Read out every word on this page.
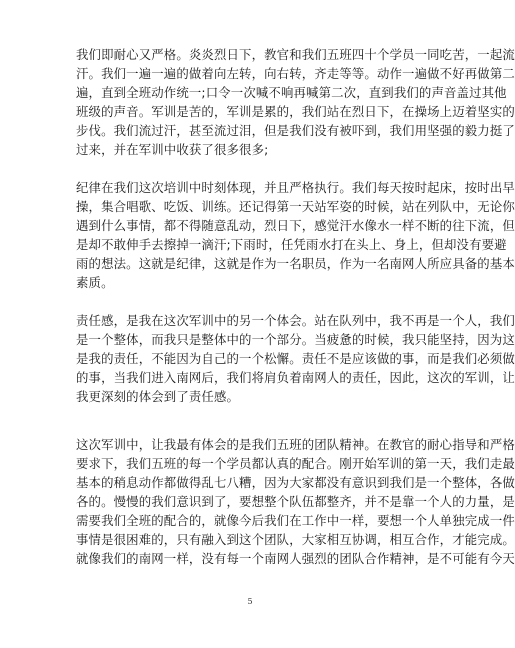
我们即耐心又严格。炎炎烈日下，教官和我们五班四十个学员一同吃苦，一起流
汗。我们一遍一遍的做着向左转，向右转，齐走等等。动作一遍做不好再做第二
遍，直到全班动作统一;口令一次喊不响再喊第二次，直到我们的声音盖过其他
班级的声音。军训是苦的，军训是累的，我们站在烈日下，在操场上迈着坚实的
步伐。我们流过汗，甚至流过泪，但是我们没有被吓到，我们用坚强的毅力挺了
过来，并在军训中收获了很多很多;
纪律在我们这次培训中时刻体现，并且严格执行。我们每天按时起床，按时出早
操，集合唱歌、吃饭、训练。还记得第一天站军姿的时候，站在列队中，无论你
遇到什么事情，都不得随意乱动，烈日下，感觉汗水像水一样不断的往下流，但
是却不敢伸手去擦掉一滴汗;下雨时，任凭雨水打在头上、身上，但却没有要避
雨的想法。这就是纪律，这就是作为一名职员，作为一名南网人所应具备的基本
素质。
责任感，是我在这次军训中的另一个体会。站在队列中，我不再是一个人，我们
是一个整体，而我只是整体中的一个部分。当疲惫的时候，我只能坚持，因为这
是我的责任，不能因为自己的一个松懈。责任不是应该做的事，而是我们必须做
的事，当我们进入南网后，我们将肩负着南网人的责任，因此，这次的军训，让
我更深刻的体会到了责任感。
这次军训中，让我最有体会的是我们五班的团队精神。在教官的耐心指导和严格
要求下，我们五班的每一个学员都认真的配合。刚开始军训的第一天，我们走最
基本的稍息动作都做得乱七八糟，因为大家都没有意识到我们是一个整体，各做
各的。慢慢的我们意识到了，要想整个队伍都整齐，并不是靠一个人的力量，是
需要我们全班的配合的，就像今后我们在工作中一样，要想一个人单独完成一件
事情是很困难的，只有融入到这个团队，大家相互协调，相互合作，才能完成。
就像我们的南网一样，没有每一个南网人强烈的团队合作精神，是不可能有今天
5
